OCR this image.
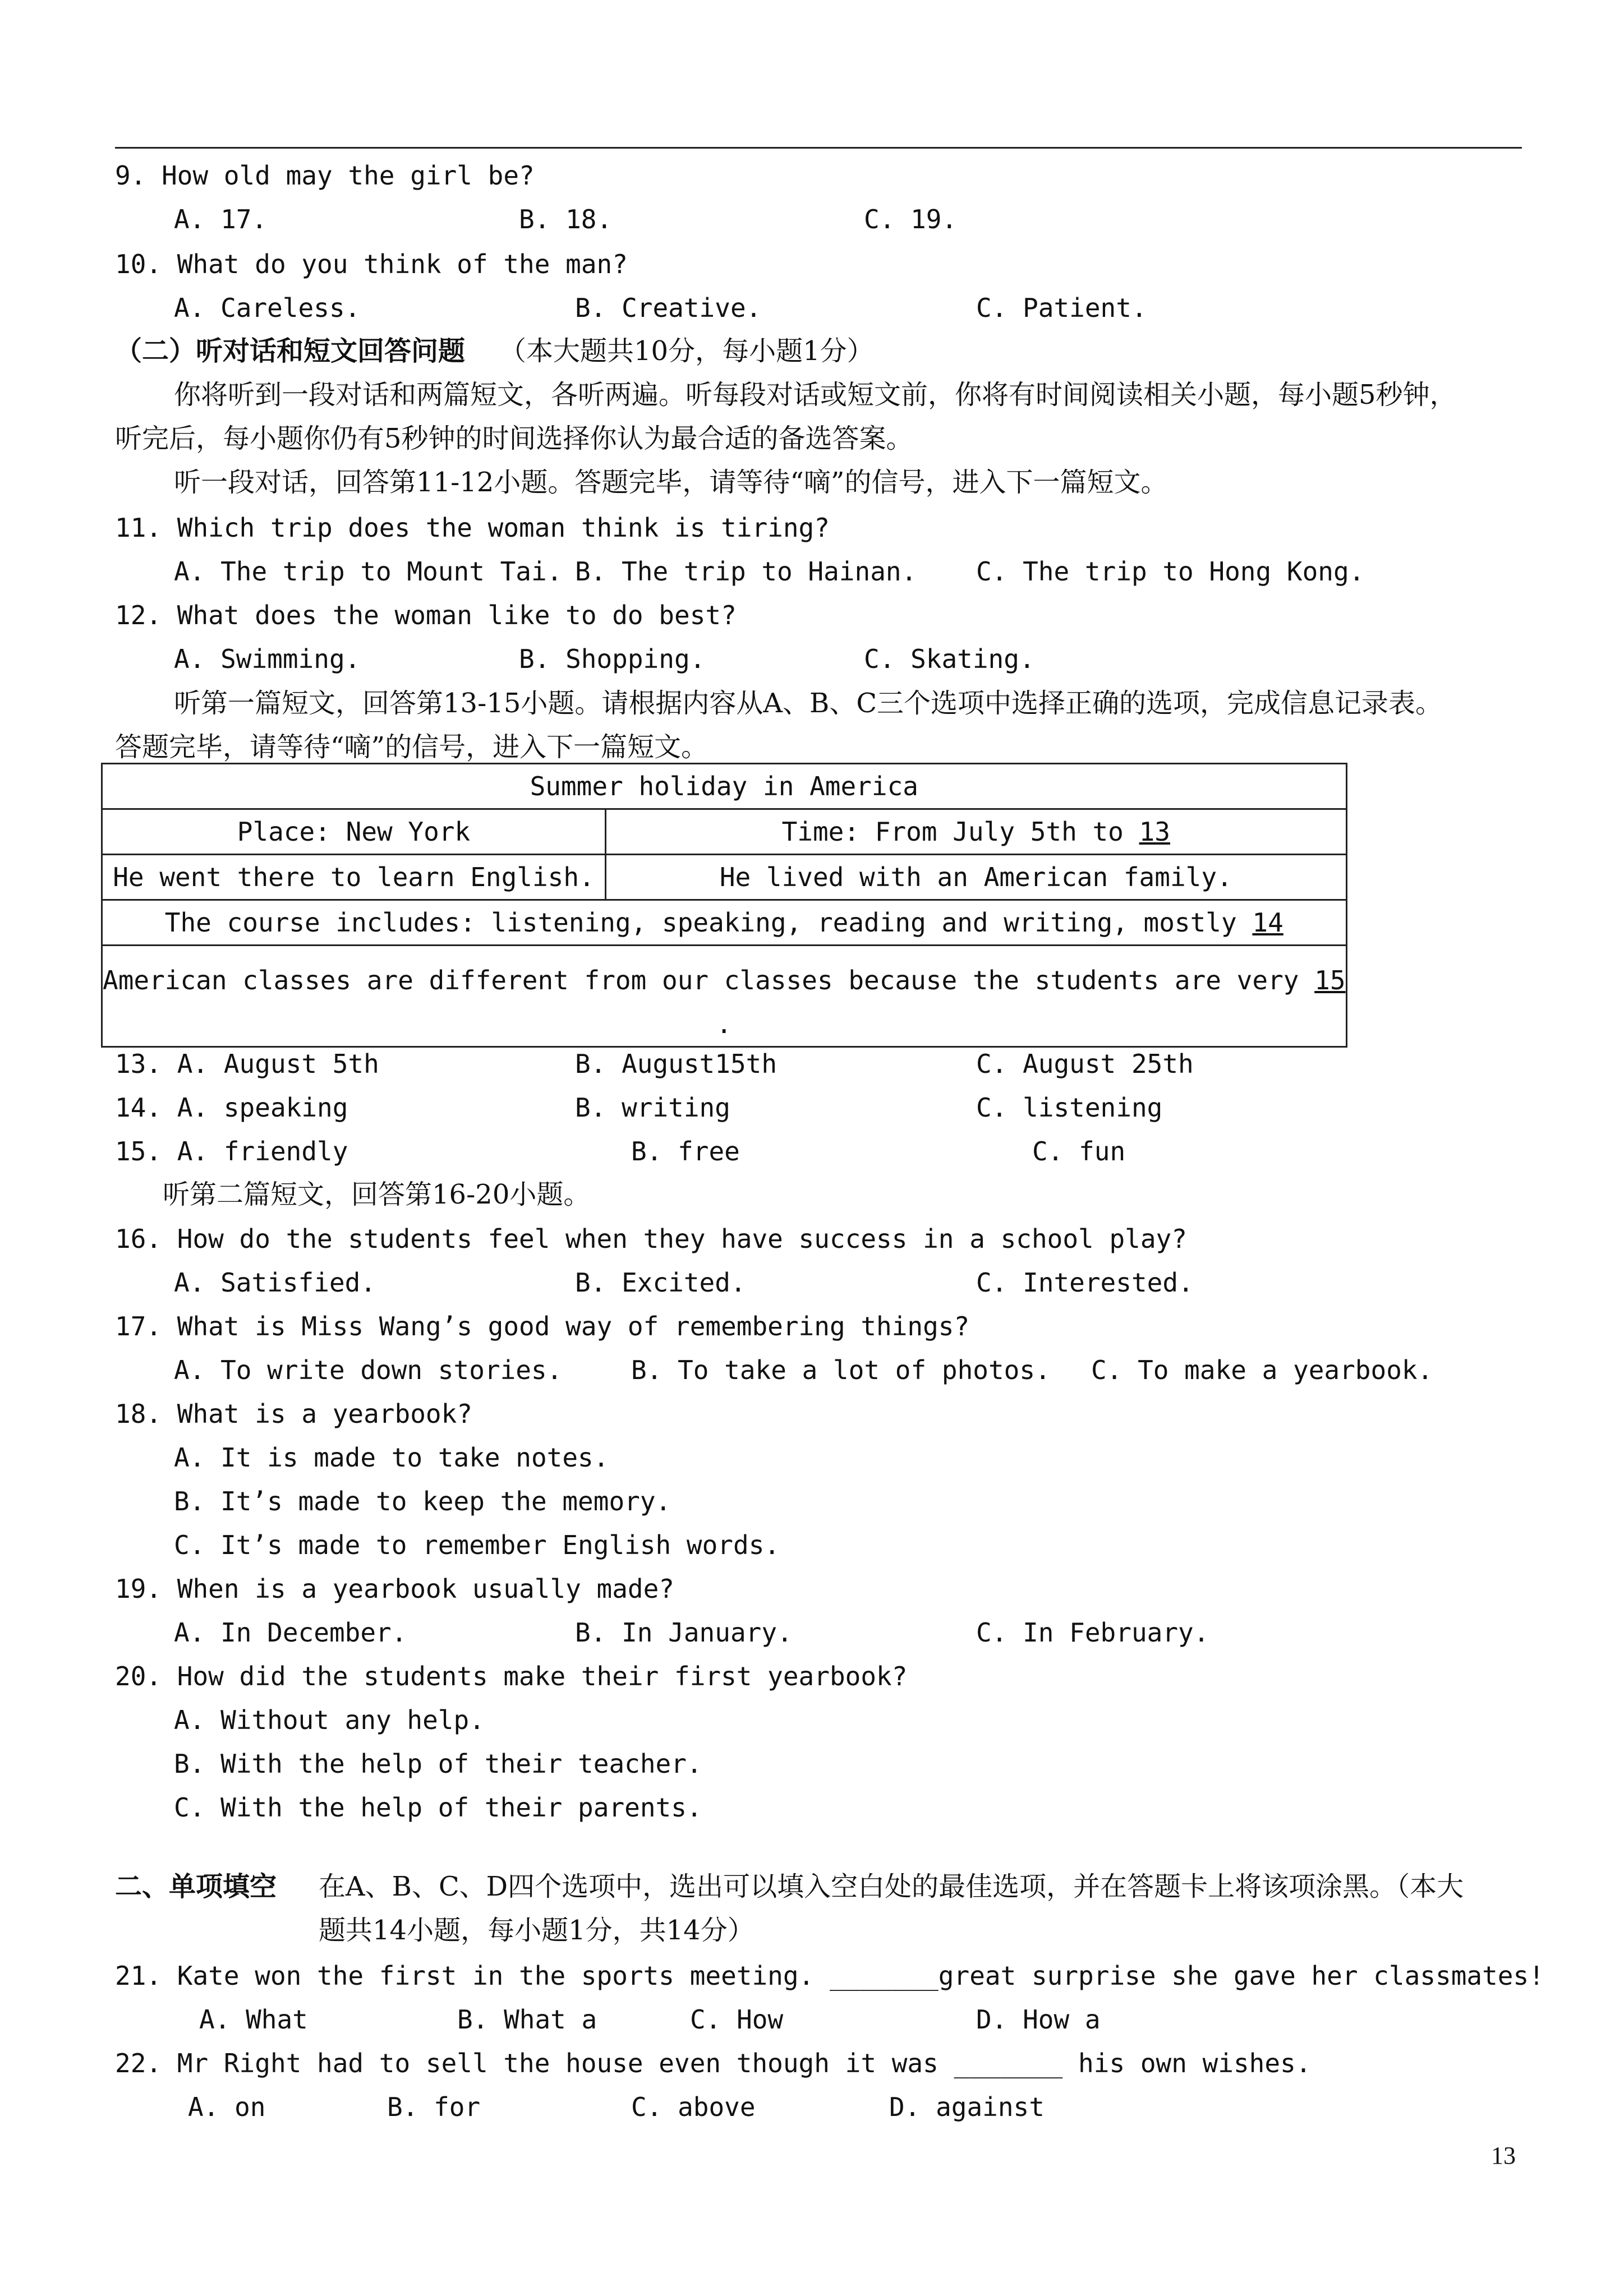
9. How old may the girl be?
A. 17.	B. 18.	C. 19.
10. What do you think of the man?
A. Careless.	B. Creative.	C. Patient.
（二）听对话和短文回答问题 （本大题共10分，每小题1分）
你将听到一段对话和两篇短文，各听两遍。听每段对话或短文前，你将有时间阅读相关小题，每小题5秒钟，
听完后，每小题你仍有5秒钟的时间选择你认为最合适的备选答案。
听一段对话，回答第11-12小题。答题完毕，请等待“嘀”的信号，进入下一篇短文。
11. Which trip does the woman think is tiring?
A. The trip to Mount Tai. B. The trip to Hainan. C. The trip to Hong Kong.
12. What does the woman like to do best?
A. Swimming.	B. Shopping.	C. Skating.
听第一篇短文，回答第13-15小题。请根据内容从A、B、C三个选项中选择正确的选项，完成信息记录表。
答题完毕，请等待“嘀”的信号，进入下一篇短文。
Summer holiday in America	
Place: New York	Time: From July 5th to 13
He went there to learn English.	He lived with an American family.
The course includes: listening, speaking, reading and writing, mostly 14	
American classes are different from our classes because the students are very 15
.	
13. A. August 5th	B. August15th	C. August 25th
14. A. speaking	B. writing	C. listening
15. A. friendly	B. free	C. fun
听第二篇短文，回答第16-20小题。
16. How do the students feel when they have success in a school play?
A. Satisfied.	B. Excited.	C. Interested.
17. What is Miss Wang’s good way of remembering things?
A. To write down stories.	B. To take a lot of photos. C. To make a yearbook.
18. What is a yearbook?
A. It is made to take notes.
B. It’s made to keep the memory.
C. It’s made to remember English words.
19. When is a yearbook usually made?
A. In December.	B. In January.	C. In February.
20. How did the students make their first yearbook?
A. Without any help.
B. With the help of their teacher.
C. With the help of their parents.
二、单项填空 在A、B、C、D四个选项中，选出可以填入空白处的最佳选项，并在答题卡上将该项涂黑。（本大
题共14小题，每小题1分，共14分）
21. Kate won the first in the sports meeting. _______great surprise she gave her classmates!
A. What	B. What a	C. How	D. How a
22. Mr Right had to sell the house even though it was _______ his own wishes.
A. on	B. for	C. above	D. against
13
